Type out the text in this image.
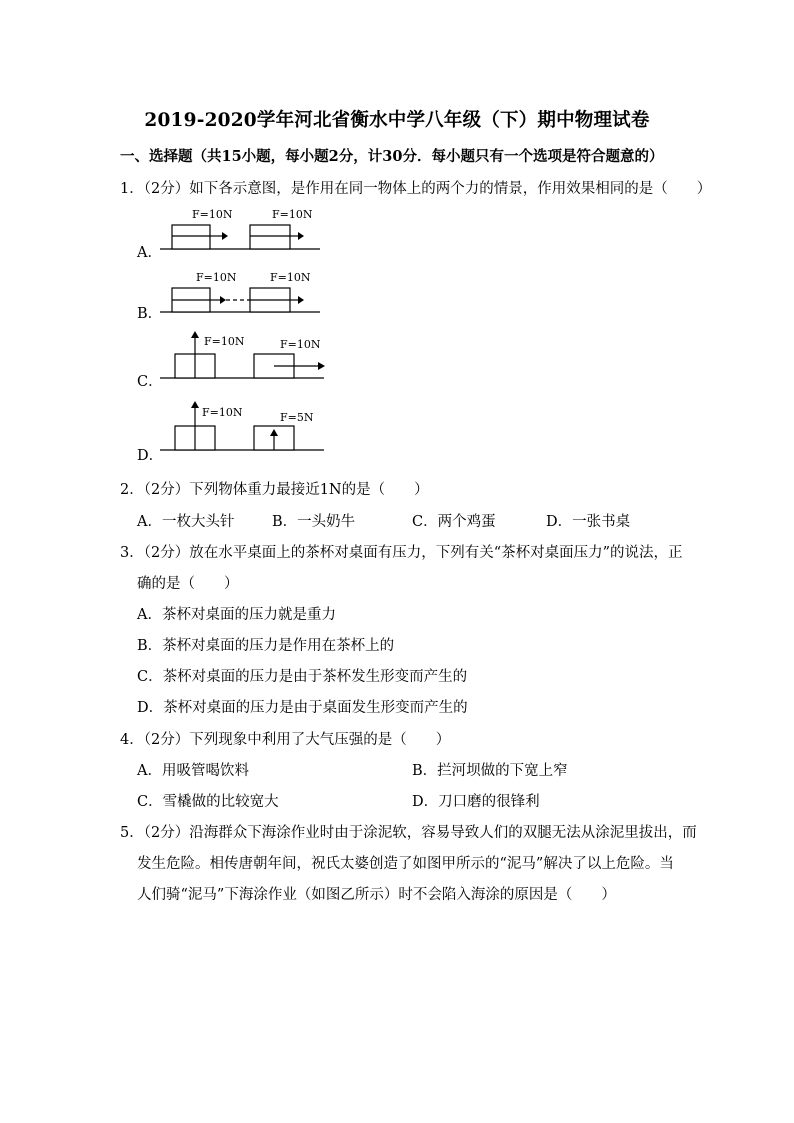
2019-2020学年河北省衡水中学八年级（下）期中物理试卷
一、选择题（共15小题，每小题2分，计30分．每小题只有一个选项是符合题意的）
1．（2分）如下各示意图，是作用在同一物体上的两个力的情景，作用效果相同的是（　　）
A．
F=10N	F=10N
B．
F=10N	F=10N
C．
F=10N	F=10N
D．
F=10N	F=5N
2．（2分）下列物体重力最接近1N的是（　　）
A．一枚大头针	B．一头奶牛	C．两个鸡蛋	D．一张书桌
3．（2分）放在水平桌面上的茶杯对桌面有压力，下列有关“茶杯对桌面压力”的说法，正
确的是（　　）
A．茶杯对桌面的压力就是重力
B．茶杯对桌面的压力是作用在茶杯上的
C．茶杯对桌面的压力是由于茶杯发生形变而产生的
D．茶杯对桌面的压力是由于桌面发生形变而产生的
4．（2分）下列现象中利用了大气压强的是（　　）
A．用吸管喝饮料	B．拦河坝做的下宽上窄
C．雪橇做的比较宽大	D．刀口磨的很锋利
5．（2分）沿海群众下海涂作业时由于涂泥软，容易导致人们的双腿无法从涂泥里拔出，而
发生危险。相传唐朝年间，祝氏太婆创造了如图甲所示的“泥马”解决了以上危险。当
人们骑“泥马”下海涂作业（如图乙所示）时不会陷入海涂的原因是（　　）
